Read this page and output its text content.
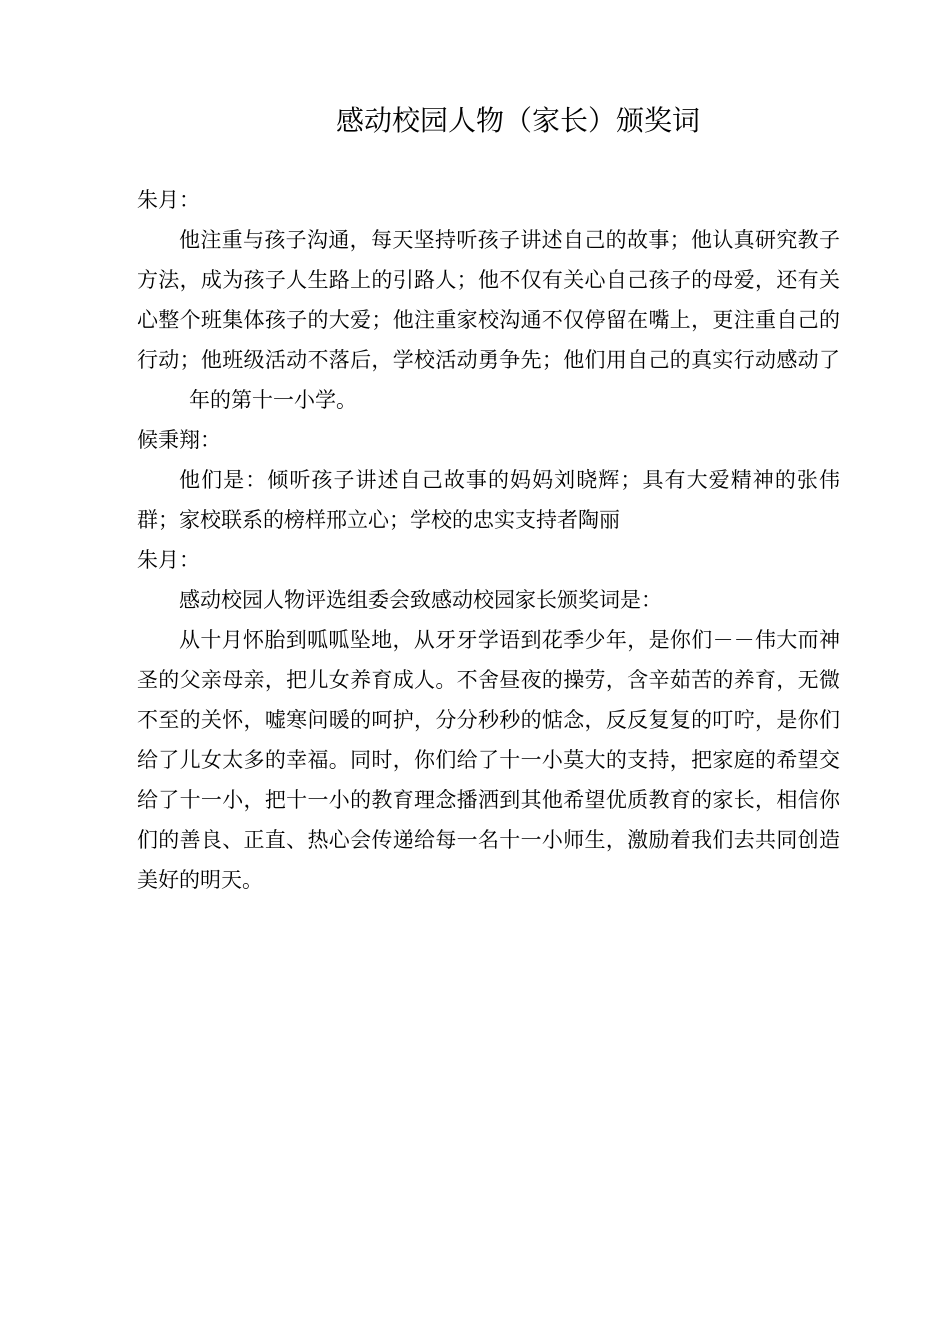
感动校园人物（家长）颁奖词

朱月：

他注重与孩子沟通，每天坚持听孩子讲述自己的故事；他认真研究教子方法，成为孩子人生路上的引路人；他不仅有关心自己孩子的母爱，还有关心整个班集体孩子的大爱；他注重家校沟通不仅停留在嘴上，更注重自己的行动；他班级活动不落后，学校活动勇争先；他们用自己的真实行动感动了年的第十一小学。

候秉翔：

他们是：倾听孩子讲述自己故事的妈妈刘晓辉；具有大爱精神的张伟群；家校联系的榜样邢立心；学校的忠实支持者陶丽

朱月：

感动校园人物评选组委会致感动校园家长颁奖词是：

从十月怀胎到呱呱坠地，从牙牙学语到花季少年，是你们－－伟大而神圣的父亲母亲，把儿女养育成人。不舍昼夜的操劳，含辛茹苦的养育，无微不至的关怀，嘘寒问暖的呵护，分分秒秒的惦念，反反复复的叮咛，是你们给了儿女太多的幸福。同时，你们给了十一小莫大的支持，把家庭的希望交给了十一小，把十一小的教育理念播洒到其他希望优质教育的家长，相信你们的善良、正直、热心会传递给每一名十一小师生，激励着我们去共同创造美好的明天。
